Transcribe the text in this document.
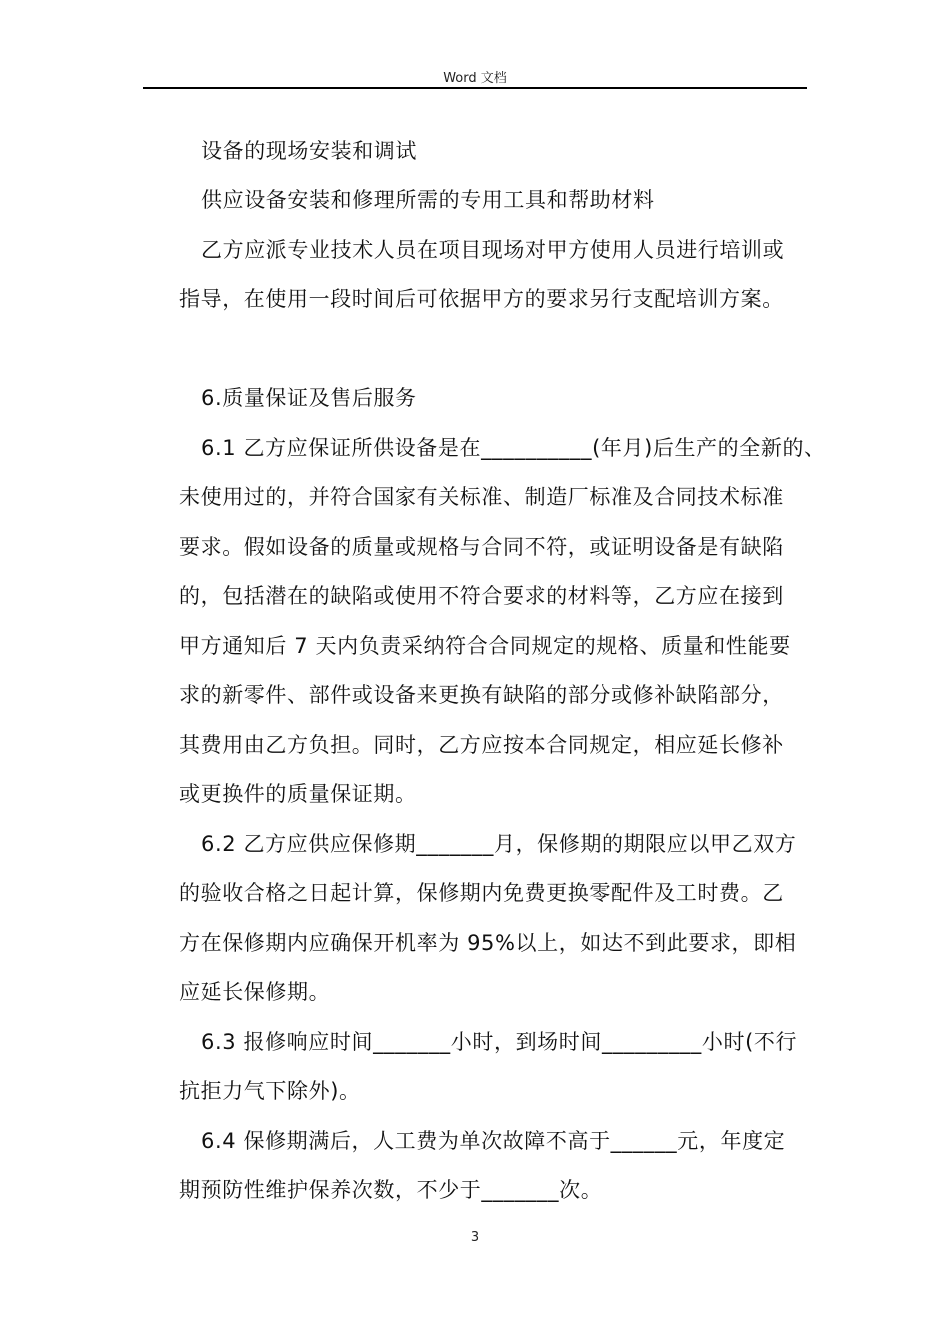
Word 文档
设备的现场安装和调试
供应设备安装和修理所需的专用工具和帮助材料
乙方应派专业技术人员在项目现场对甲方使用人员进行培训或
指导，在使用一段时间后可依据甲方的要求另行支配培训方案。
6.质量保证及售后服务
6.1 乙方应保证所供设备是在__________(年月)后生产的全新的、
未使用过的，并符合国家有关标准、制造厂标准及合同技术标准
要求。假如设备的质量或规格与合同不符，或证明设备是有缺陷
的，包括潜在的缺陷或使用不符合要求的材料等，乙方应在接到
甲方通知后 7 天内负责采纳符合合同规定的规格、质量和性能要
求的新零件、部件或设备来更换有缺陷的部分或修补缺陷部分，
其费用由乙方负担。同时，乙方应按本合同规定，相应延长修补
或更换件的质量保证期。
6.2 乙方应供应保修期_______月，保修期的期限应以甲乙双方
的验收合格之日起计算，保修期内免费更换零配件及工时费。乙
方在保修期内应确保开机率为 95%以上，如达不到此要求，即相
应延长保修期。
6.3 报修响应时间_______小时，到场时间_________小时(不行
抗拒力气下除外)。
6.4 保修期满后，人工费为单次故障不高于______元，年度定
期预防性维护保养次数，不少于_______次。
3
